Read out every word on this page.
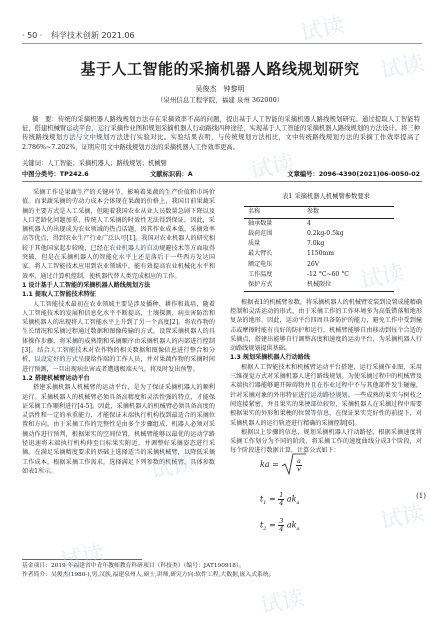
· 50 · 科学技术创新 2021.06
基于人工智能的采摘机器人路线规划研究
吴俊杰　钟黎明
（泉州信息工程学院，福建 泉州 362000）
摘　要：传统的采摘机器人路线规划方法存在采摘效率不高的问题，提出基于人工智能的采摘机器人路线规划研究。通过提取人工智能特征，搭建机械臂运动平台，运行采摘作业图和规划采摘机器人行动路线四种途径，实现基于人工智能的采摘机器人路线规划的方法设计。将三种传统路线规划方法与文中规划方法进行实验对比。实验结果表明，与传统规划方法相比，文中传统路线规划方法的采摘工作效率提高了2.786%~7.202%，证明应用文中路线规划方法的采摘机器人工作效率更高。
关键词：人工智能；采摘机器人；路线规划；机械臂
中图分类号：TP242.6	文献标识码：A	文章编号：2096-4390(2021)06-0050-02

采摘工作是果蔬生产的关键环节，影响着果蔬的生产价值和市场价值。而果蔬采摘的劳动力成本会体现在果蔬的价格上，我国目前果蔬采摘的主要方式是人工采摘，但随着我国农业从业人员数量急剧下降以及人口老龄化问题加重，传统人工采摘的时效性无法得到保证。因此，采摘机器人的出现成为农业领域的热点话题，因其作业成本低，采摘效率高等优点，得到农业生产行业广泛认可[1]。我国对农业机器人的研究相较于其他国家起步较晚，已经在农业机器人的自动规避技术等方面取得突破，但是在采摘机器人的智能化水平上还是落后于一些西方发达国家。将人工智能技术应用到农业领域中，能有效提高农业机械化水平和效率，通过计算机控制，使机器代替人类完成相应的工作。

1 设计基于人工智能的采摘机器人路线规划方法

1.1 提取人工智能技术特征

人工智能技术最初在农业领域主要是涉及播种、耕作和栽培，随着人工智能技术的发展和信息化水平不断提高，土壤探测、病虫害防治和采摘机器人的出现将人工智能水平上升到了另一个高度[2]。将农作物的生长情况和采摘过程通过数据和图像传输的方式，设置采摘机器人的具体操作步骤，将采摘的成熟期和采摘顺序由采摘机器人的内部进行控制[3]。结合人工智能技术对农作物的相关数据和图像信息进行整合和分析，以设定好的方式呈现给作端的工作人员，并对果蔬作物的采摘时间进行预测，一旦出现病虫害或者遭遇极端天气，将及时发出预警。

1.2 搭建机械臂运动平台

搭建采摘机器人机械臂的运动平台，是为了保证采摘机器人的顺利运行。采摘机器人的机械臂必须具备高精度和灵活性强的特点，才能保证采摘工作顺利进行[4-5]。因此，采摘机器人的机械臂必须具备高度的灵活性和一定的承重能力，才能保证末端执行机构找到最适合的采摘位置和方向。由于采摘工作的完整性是由多个步骤组成，机器人必须对采摘动作进行预判，根据果实的空间位置，机械臂能够以最优的运动学路径迅速将末端执行机构伸至目标果实附近，并调整好采摘姿态进行采摘。在满足采摘精度要求的基础上选择适当的采摘机械臂，以降低采摘工作成本。根据采摘工作需求，选择满足下列参数的机械臂，具体参数如表1所示。

表1 采摘机器人机械臂参数要求
名称	参数
轴承数量	4
载荷范围	0.2kg-0.5kg
质量	7.0kg
最大臂长	1150mm
额定电压	26V
工作温度	-12 °C~60 °C
保护方式	机械限位

根据表1的机械臂参数，将采摘机器人的机械臂安装到设置成能精确控制和灵活运动的形式，由于采摘工作的工作环境多为高低错落和地形复杂的地形，因此，运动平台四周具备防护的能力，避免工作中受到撞击或摩擦时能有良好的防护和运行，机械臂能够自由移动到每个合适的采摘点，搭建出能够自行调整高度和速度的运动平台，为采摘机器人行动路线规划提供基础。

1.3 规划采摘机器人行动路线

根据人工智能技术和机械臂运动平台搭建，运行采摘作业图，采用三维视觉方式对采摘机器人进行路线规划。为使采摘过程中的机械臂及末端执行器能够避开障碍物并且在作业过程中不与其他部件发生碰撞，针对采摘对象的外形特征进行运动路径规划。一些成熟的果实与树枝之间连接紧密，并且果实的果梗部位较短，采摘机器人在采摘过程中需要根据果实的外形和果梗的位置等信息，在保证果实完好性的前提下，对采摘机器人的运行轨迹进行精确的采摘控制[6]。

根据以上步骤的信息，规划采摘机器人行动路径，根据采摘速度将采摘工作划分为不同的阶段，将采摘工作的速度曲线分成3个阶段，对每个阶段进行数据计算，计算公式如下：

ka =	$\frac{a}{v}$
$t_1 = \frac{1}{4} ak_a$
$t_2 = \frac{3}{4} ak_a$
(1)

基金项目：2019 年福建省中青年教师教育科研项目（科技类）（编号：JAT190918）。

作者简介：吴俊杰(1980-),男,汉族,福建泉州人,硕士,讲师,研究方向:软件工程,大数据,嵌入式系统。

试读
试读
试读
试读
试读
试读
试读
试读
试读
试读
试读
试读
